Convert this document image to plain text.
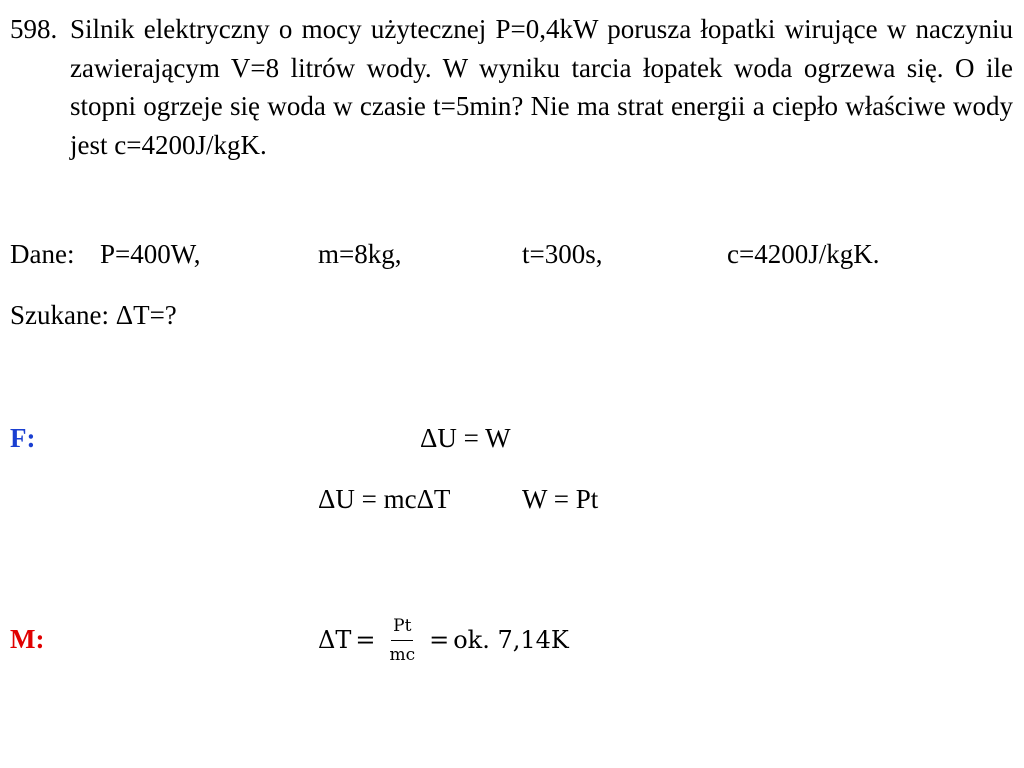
598. Silnik elektryczny o mocy użytecznej P=0,4kW porusza łopatki wirujące w naczyniu zawierającym V=8 litrów wody. W wyniku tarcia łopatek woda ogrzewa się. O ile stopni ogrzeje się woda w czasie t=5min? Nie ma strat energii a ciepło właściwe wody jest c=4200J/kgK.
Dane: P=400W,	m=8kg,	t=300s,	c=4200J/kgK.
Szukane: ΔT=?
F:	ΔU = W
ΔU = mcΔT	W = Pt
M:	$\Delta T = \frac{Pt}{mc}$ = ok. 7,14K
